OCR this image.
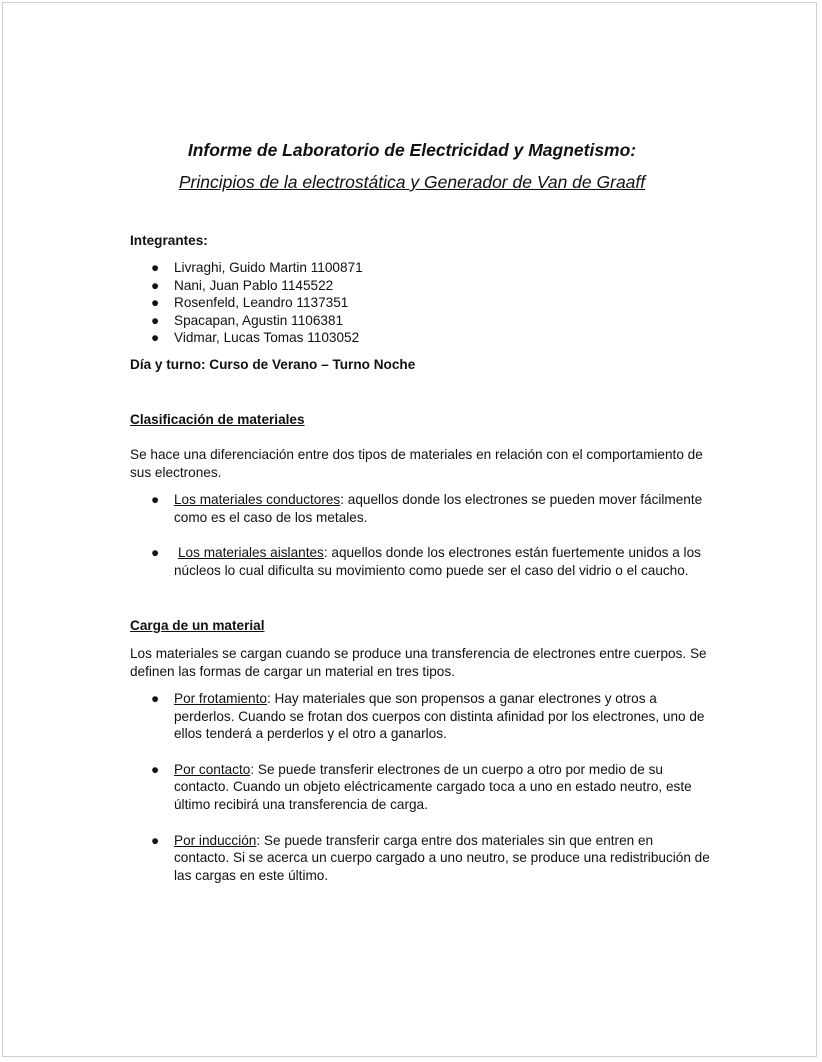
Informe de Laboratorio de Electricidad y Magnetismo:
Principios de la electrostática y Generador de Van de Graaff
Integrantes:
● Livraghi, Guido Martin 1100871
● Nani, Juan Pablo 1145522
● Rosenfeld, Leandro 1137351
● Spacapan, Agustin 1106381
● Vidmar, Lucas Tomas 1103052
Día y turno: Curso de Verano – Turno Noche
Clasificación de materiales
Se hace una diferenciación entre dos tipos de materiales en relación con el comportamiento de sus electrones.
● Los materiales conductores: aquellos donde los electrones se pueden mover fácilmente como es el caso de los metales.
● Los materiales aislantes: aquellos donde los electrones están fuertemente unidos a los núcleos lo cual dificulta su movimiento como puede ser el caso del vidrio o el caucho.
Carga de un material
Los materiales se cargan cuando se produce una transferencia de electrones entre cuerpos. Se definen las formas de cargar un material en tres tipos.
● Por frotamiento: Hay materiales que son propensos a ganar electrones y otros a perderlos. Cuando se frotan dos cuerpos con distinta afinidad por los electrones, uno de ellos tenderá a perderlos y el otro a ganarlos.
● Por contacto: Se puede transferir electrones de un cuerpo a otro por medio de su contacto. Cuando un objeto eléctricamente cargado toca a uno en estado neutro, este último recibirá una transferencia de carga.
● Por inducción: Se puede transferir carga entre dos materiales sin que entren en contacto. Si se acerca un cuerpo cargado a uno neutro, se produce una redistribución de las cargas en este último.
